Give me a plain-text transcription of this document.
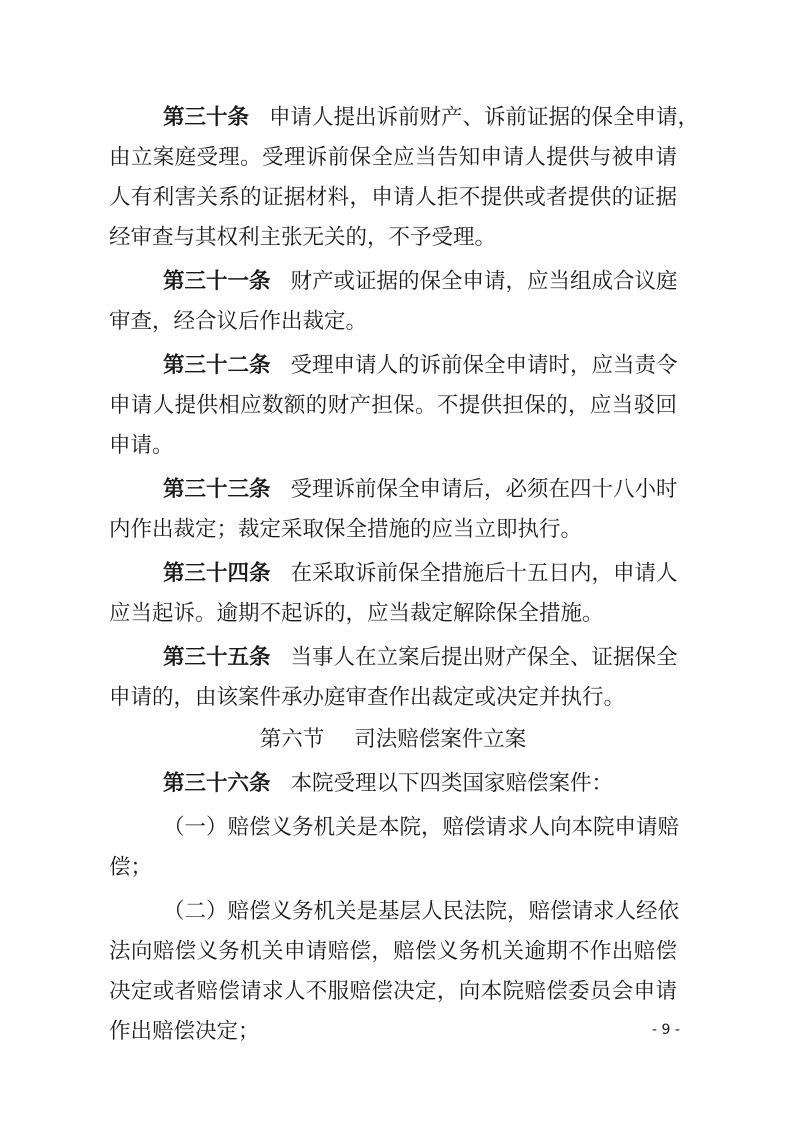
第三十条 申请人提出诉前财产、诉前证据的保全申请，
由立案庭受理。受理诉前保全应当告知申请人提供与被申请
人有利害关系的证据材料，申请人拒不提供或者提供的证据
经审查与其权利主张无关的，不予受理。
第三十一条 财产或证据的保全申请，应当组成合议庭
审查，经合议后作出裁定。
第三十二条 受理申请人的诉前保全申请时，应当责令
申请人提供相应数额的财产担保。不提供担保的，应当驳回
申请。
第三十三条 受理诉前保全申请后，必须在四十八小时
内作出裁定；裁定采取保全措施的应当立即执行。
第三十四条 在采取诉前保全措施后十五日内，申请人
应当起诉。逾期不起诉的，应当裁定解除保全措施。
第三十五条 当事人在立案后提出财产保全、证据保全
申请的，由该案件承办庭审查作出裁定或决定并执行。
第六节 司法赔偿案件立案
第三十六条 本院受理以下四类国家赔偿案件：
（一）赔偿义务机关是本院，赔偿请求人向本院申请赔
偿；
（二）赔偿义务机关是基层人民法院，赔偿请求人经依
法向赔偿义务机关申请赔偿，赔偿义务机关逾期不作出赔偿
决定或者赔偿请求人不服赔偿决定，向本院赔偿委员会申请
作出赔偿决定；	- 9 -
